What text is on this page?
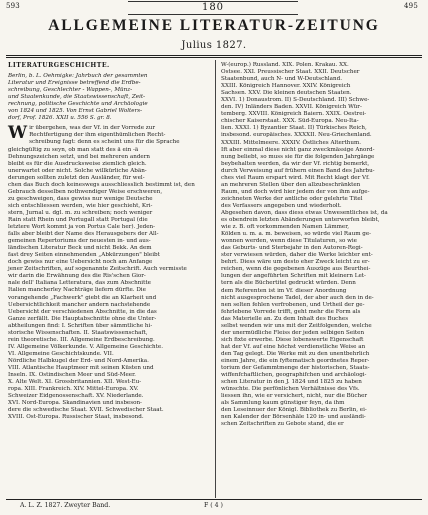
593	180	495
ALLGEMEINE LITERATUR-ZEITUNG
Julius 1827.
LITERATURGESCHICHTE.
Berlin, b. L. Oehmigke: Jahrbuch der gesammten
Literatur und Ereignisse betreffend die Erdbe-
schreibung, Geschlechter - Wappen-, Münz-
und Staatenkunde, die Staatswissenschaft, Zeit-
rechnung, politische Geschichte und Archäologie
von 1824 und 1825. Von Ernst Gabriel Wolters-
dorf, Prof. 1826. XXII u. 556 S. gr. 8.
Wir übergehen, was der Vf. in der Vorrede zur
Rechtfertigung der ihm eigenthümlichen Recht-
schreibung fagt: denn es scheint uns für die Sprache
gleichgültig zu seyn, ob man statt des ä ein -ä
Dehnungszeichen setzt, und bei mehreren andern
bleibt es für die Ausdrucksweise ziemlich gleich.
unerwartet oder nicht. Solche willkürliche Abän-
derungen sollten zuletzt den Ausländer, für wel-
chen das Buch doch keineswegs ausschliesslich bestimmt ist, den
Gebrauch desselben nothwendiger Weise erschweren,
zu geschweigen, dass gewiss nur wenige Deutsche
sich entschliessen werden, wie hier geschieht, Kri-
stern, Jurnal u. dgl. m. zu schreiben; noch weniger
Rain statt Rhein und Portugall statt Portugal (die
letztere Wort kommt ja von Portus Cale her). Jeden-
falls aber bleibt der Name des Herausgebers der All-
gemeinen Repertoriums der neuesten in- und aus-
ländischen Literatur Beck und nicht Bekk. An dem
fast drey Seiten einnehmenden „Abkürzungen" bleibt
doch gewiss nur eine Uebersicht noch am Anfange
jener Zeitschriften, auf sogenannte Zeitschrift. Auch vermisste
wir darin die Erwähnung des die Ris'schen Gior-
nale dell' Italiana Letteratura, das zum Abschnitte
Italien mancherley Nachträge liefern dürfte. Die
vorangehende „Fachwerk" giebt die an Klarheit und
Uebersichtlichkeit mancher andern nachstehende
Uebersicht der verschiedenen Abschnitte, in die das
Ganze zerfällt. Die Hauptabschnitte ohne die Unter-
abtheilungen find: I. Schriften über sämmtliche hi-
storische Wissenschaften. II. Staatswissenschaft,
rein theoretische. III. Allgemeine Erdbeschreibung.
IV. Allgemeine Völkerkunde. V. Allgemeine Geschichte.
VI. Allgemeine Geschichtskunde. VII.
Nördliche Halbkugel der Erd- und Nord-Amerika.
VIII. Atlantische Hauptmeer mit seinen Küsten und
Inseln. IX. Ostindischen Meer und Süd-Meer.
X. Alte Welt. XI. Grossbritannien. XII. West-Eu-
ropa. XIII. Frankreich. XIV. Mittel-Europa. XV.
Schweizer Eidgenossenschaft. XV. Niederlande.
XVI. Nord-Europa. Skandinavien und insbeson-
dere die schwedische Staat. XVII. Schwedischer Staat.
XVIII. Ost-Europa. Russischer Staat, insbesond.
W-(europ.) Russland. XIX. Polen. Krakau. XX.
Ostsee. XXI. Preussischer Staat. XXII. Deutscher
Staatenbund, auch N- und W-Deutschland.
XXIII. Königreich Hannover. XXIV. Königreich
Sachsen. XXV. Die kleinen deutschen Staaten.
XXVI. 1) Donaustrom. II) S-Deutschland. III) Schwe-
den. IV) Inländers Baden. XXVII. Königreich Wür-
temberg. XXVIII. Königreich Baiern. XXIX. Oestrei-
chischer Kaiserstaat. XXX. Süd-Europa. Neu-Ita-
lien. XXXI. 1) Byzantier Staat. II) Türkisches Reich,
insbesond. europäisches. XXXXII. Neu-Griechenland.
XXXIII. Mittelmeere. XXXIV. Östliches Alterthum.
Ift aber einmal diese nicht ganz zweckmässige Anord-
nung beliebt, so muss sie für die folgenden Jahrgänge
beybehalten werden, da wir der Vf. richtig bemerkt,
durch Verweisung auf frühern einen Band des Jahrbu-
ches viel Raum erspart wird. Mit Recht klagt der Vf.
an mehreren Stellen über den allzubeschränkten
Raum, und doch wird hier jedem der von ihm aufge-
zeichneten Werke der antliche oder gelehrte Titel
des Verfassers angegeben und wiederholt.
Abgesehen davon, dass diess etwas Unwesentliches ist, da
es obendrein letzten Abänderungen unterworfen bleibt,
wie z. B. oft vorkommenden Namen Lämmer,
Kölden u. m. a. m. beweisen, so würde viel Raum ge-
wonnen werden, wenn diese Titulaturen, so wie
das Geburts- und Sterbejahr in den Autoren-Regi-
ster verwiesen würden, daher die Werke leichter ent-
behrt. Diess wäre um desto eher Zweck leicht zu er-
reichen, wenn die gegebenen Auszüge aus Beurthei-
lungen der angeführten Schriften mit kleinern Let-
tern als die Büchertitel gedruckt würden. Denn
dem Referenten ist im Vf. dieser Anordnung
nicht ausgesprochene Tadel, der aber auch den in de-
nen selten fehlen verfrobenen, und Urtheil der ge-
fehrlebene Vorrede trifft, geht mehr die Form als
das Materielle an. Zu dem Inhalt des Buches
selbst wenden wir uns mit der Zeitfolgenden, welche
der unermüdliche Fleiss der jeden selbigen Seiten
sich fixte erwerbe. Diese lobenswerte Eigenschaft
hat der Vf. auf eine höchst verdienstliche Weise an
den Tag gelegt. Die Werke mit zu den unentbehrlich
einem Jahre, die ein fyftematisch geordnetes Reper-
torium der Gefammtmenge der historischen, Staats-
wiffenfchaftlichen, geographifchen und archäologi-
schen Literatur in den J. 1824 und 1825 zu haben
wünschte. Die perfönlichen Verhältnisse des Vfs.
liessen ihn, wie er versichert, nicht, nur die Bücher
als Sammlung kaum günstiger feyn, da ihm
den Leseinnuer der Königl. Bibliothek zu Berlin, ei-
nen Kalender der Börsenhäle 120 in- und ausländi-
schen Zeitschriften zu Gebote stand, die er
A. L. Z. 1827. Zweyter Band.	F ( 4 )
